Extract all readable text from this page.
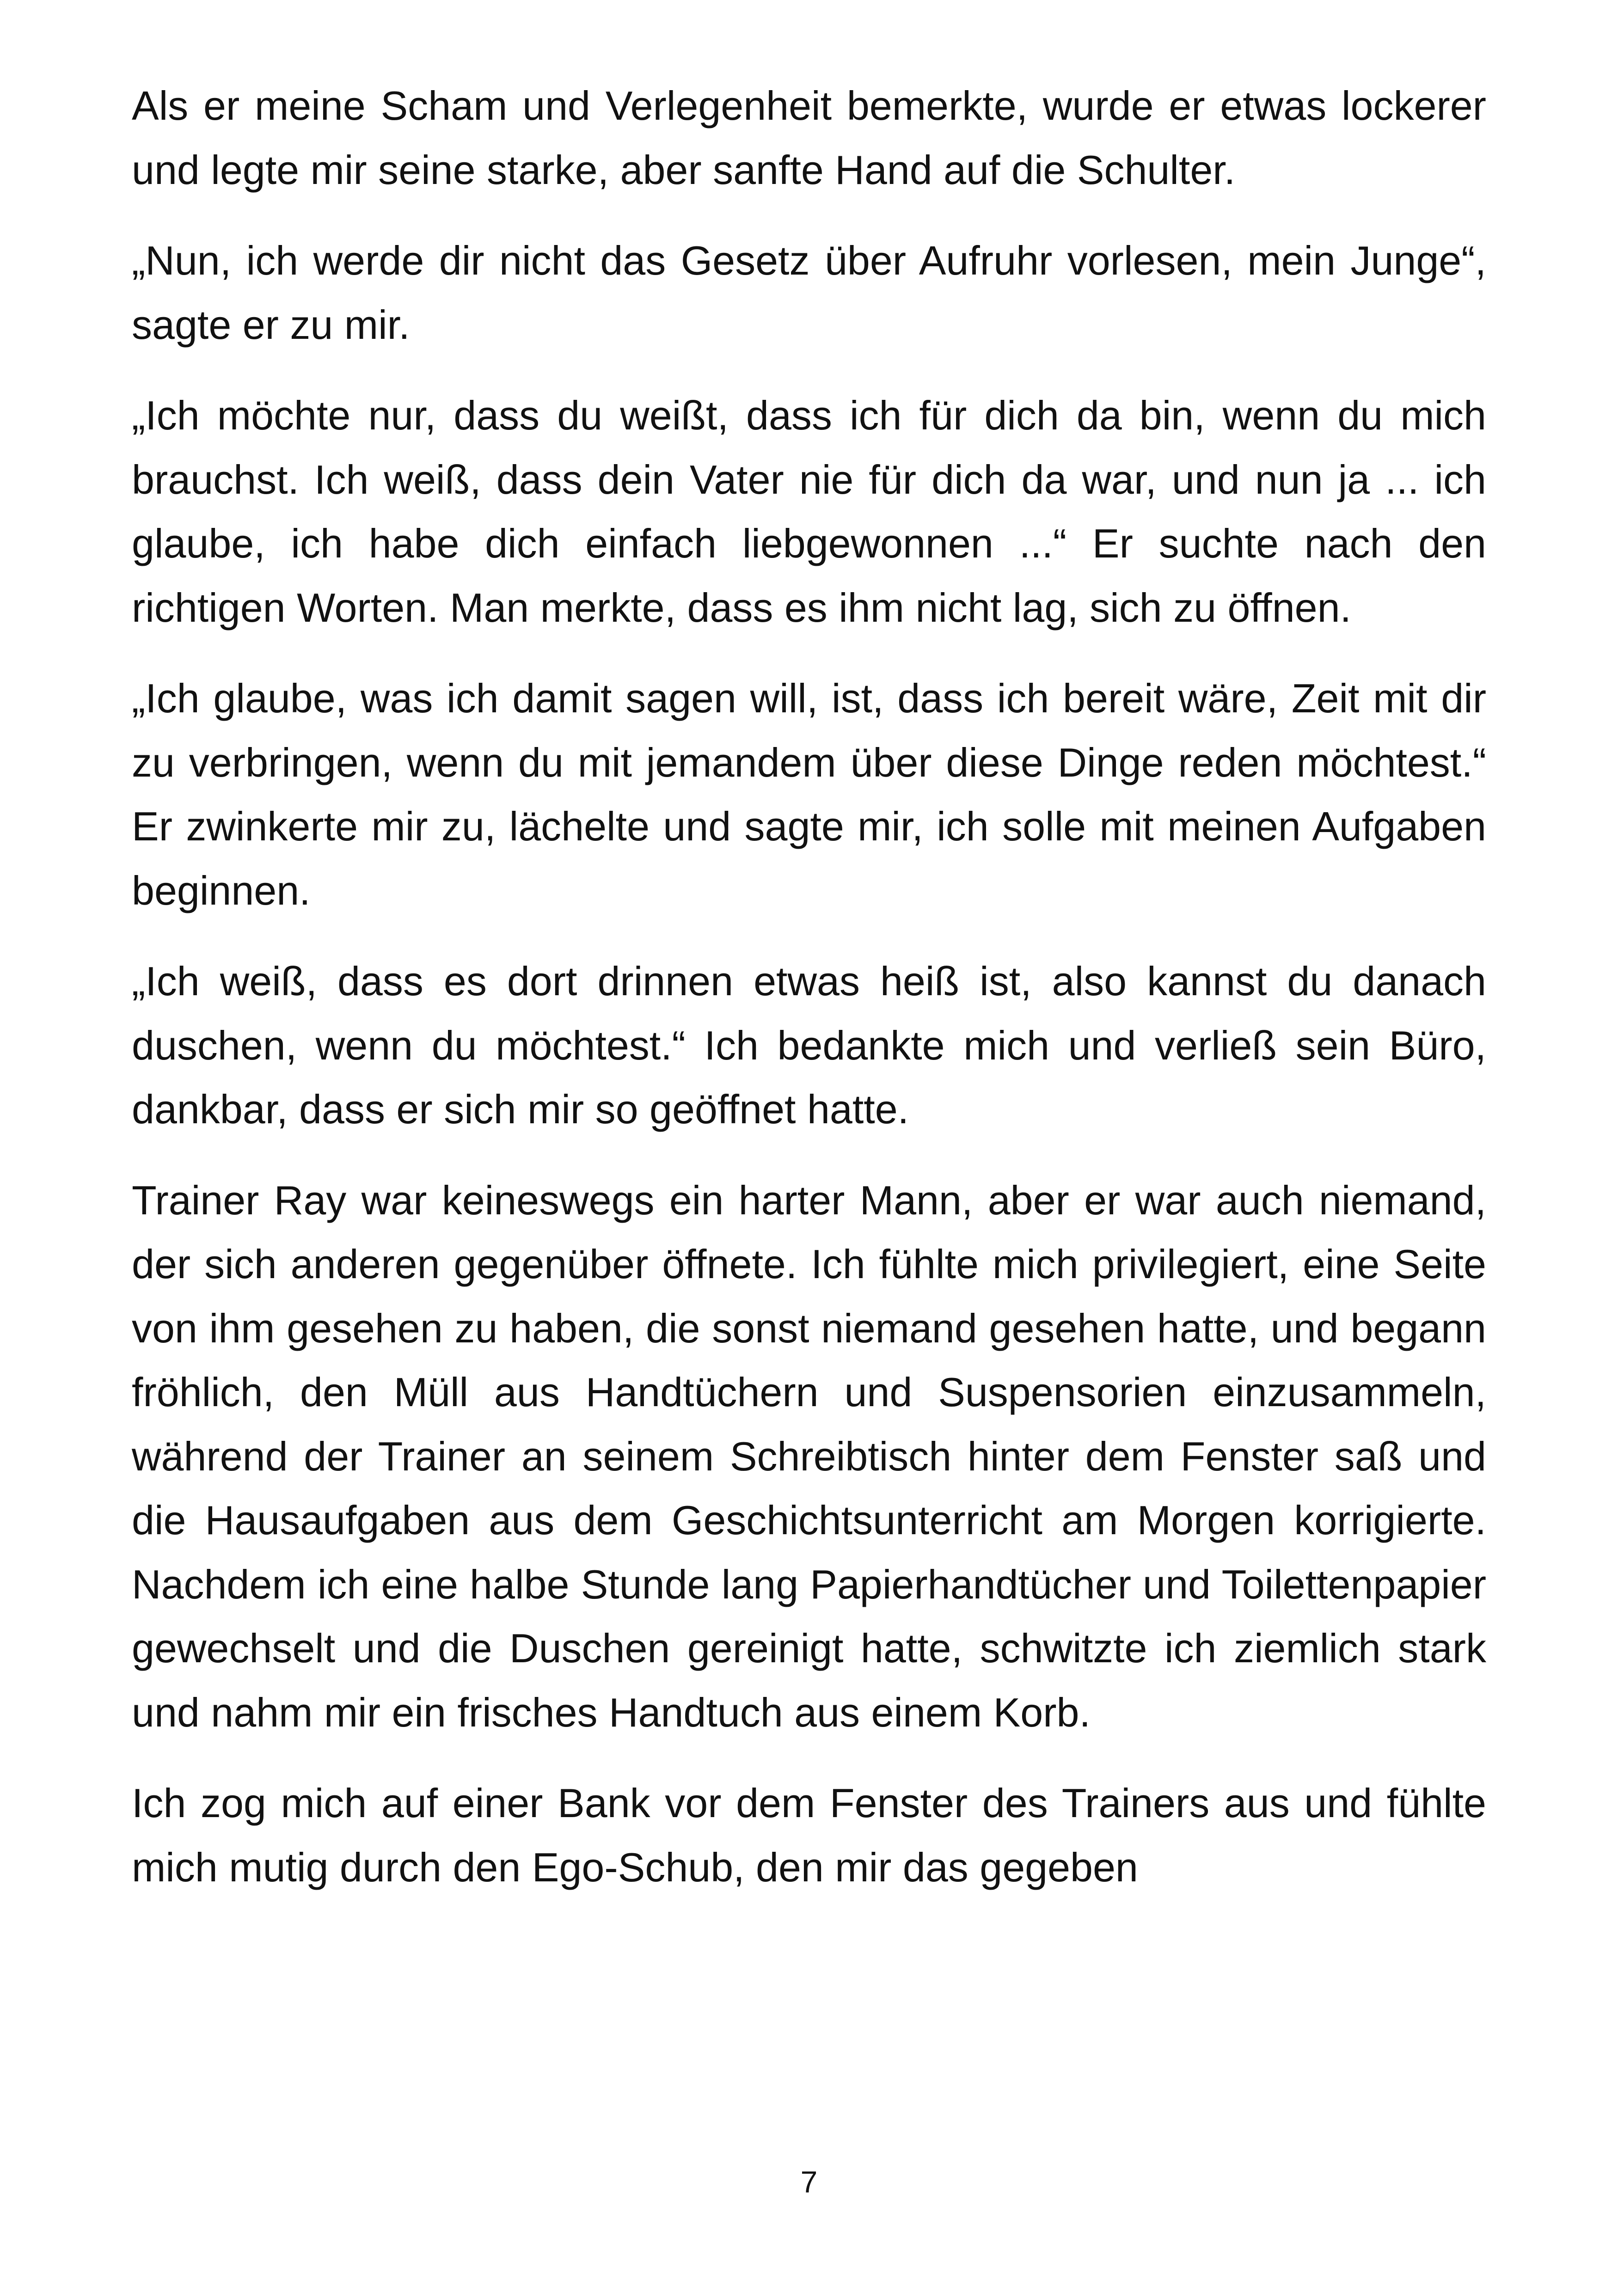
Als er meine Scham und Verlegenheit bemerkte, wurde er etwas lockerer und legte mir seine starke, aber sanfte Hand auf die Schulter.

„Nun, ich werde dir nicht das Gesetz über Aufruhr vorlesen, mein Junge“, sagte er zu mir.

„Ich möchte nur, dass du weißt, dass ich für dich da bin, wenn du mich brauchst. Ich weiß, dass dein Vater nie für dich da war, und nun ja ... ich glaube, ich habe dich einfach liebgewonnen ...“ Er suchte nach den richtigen Worten. Man merkte, dass es ihm nicht lag, sich zu öffnen.

„Ich glaube, was ich damit sagen will, ist, dass ich bereit wäre, Zeit mit dir zu verbringen, wenn du mit jemandem über diese Dinge reden möchtest.“ Er zwinkerte mir zu, lächelte und sagte mir, ich solle mit meinen Aufgaben beginnen.

„Ich weiß, dass es dort drinnen etwas heiß ist, also kannst du danach duschen, wenn du möchtest.“ Ich bedankte mich und verließ sein Büro, dankbar, dass er sich mir so geöffnet hatte.

Trainer Ray war keineswegs ein harter Mann, aber er war auch niemand, der sich anderen gegenüber öffnete. Ich fühlte mich privilegiert, eine Seite von ihm gesehen zu haben, die sonst niemand gesehen hatte, und begann fröhlich, den Müll aus Handtüchern und Suspensorien einzusammeln, während der Trainer an seinem Schreibtisch hinter dem Fenster saß und die Hausaufgaben aus dem Geschichtsunterricht am Morgen korrigierte. Nachdem ich eine halbe Stunde lang Papierhandtücher und Toilettenpapier gewechselt und die Duschen gereinigt hatte, schwitzte ich ziemlich stark und nahm mir ein frisches Handtuch aus einem Korb.

Ich zog mich auf einer Bank vor dem Fenster des Trainers aus und fühlte mich mutig durch den Ego-Schub, den mir das gegeben

7
